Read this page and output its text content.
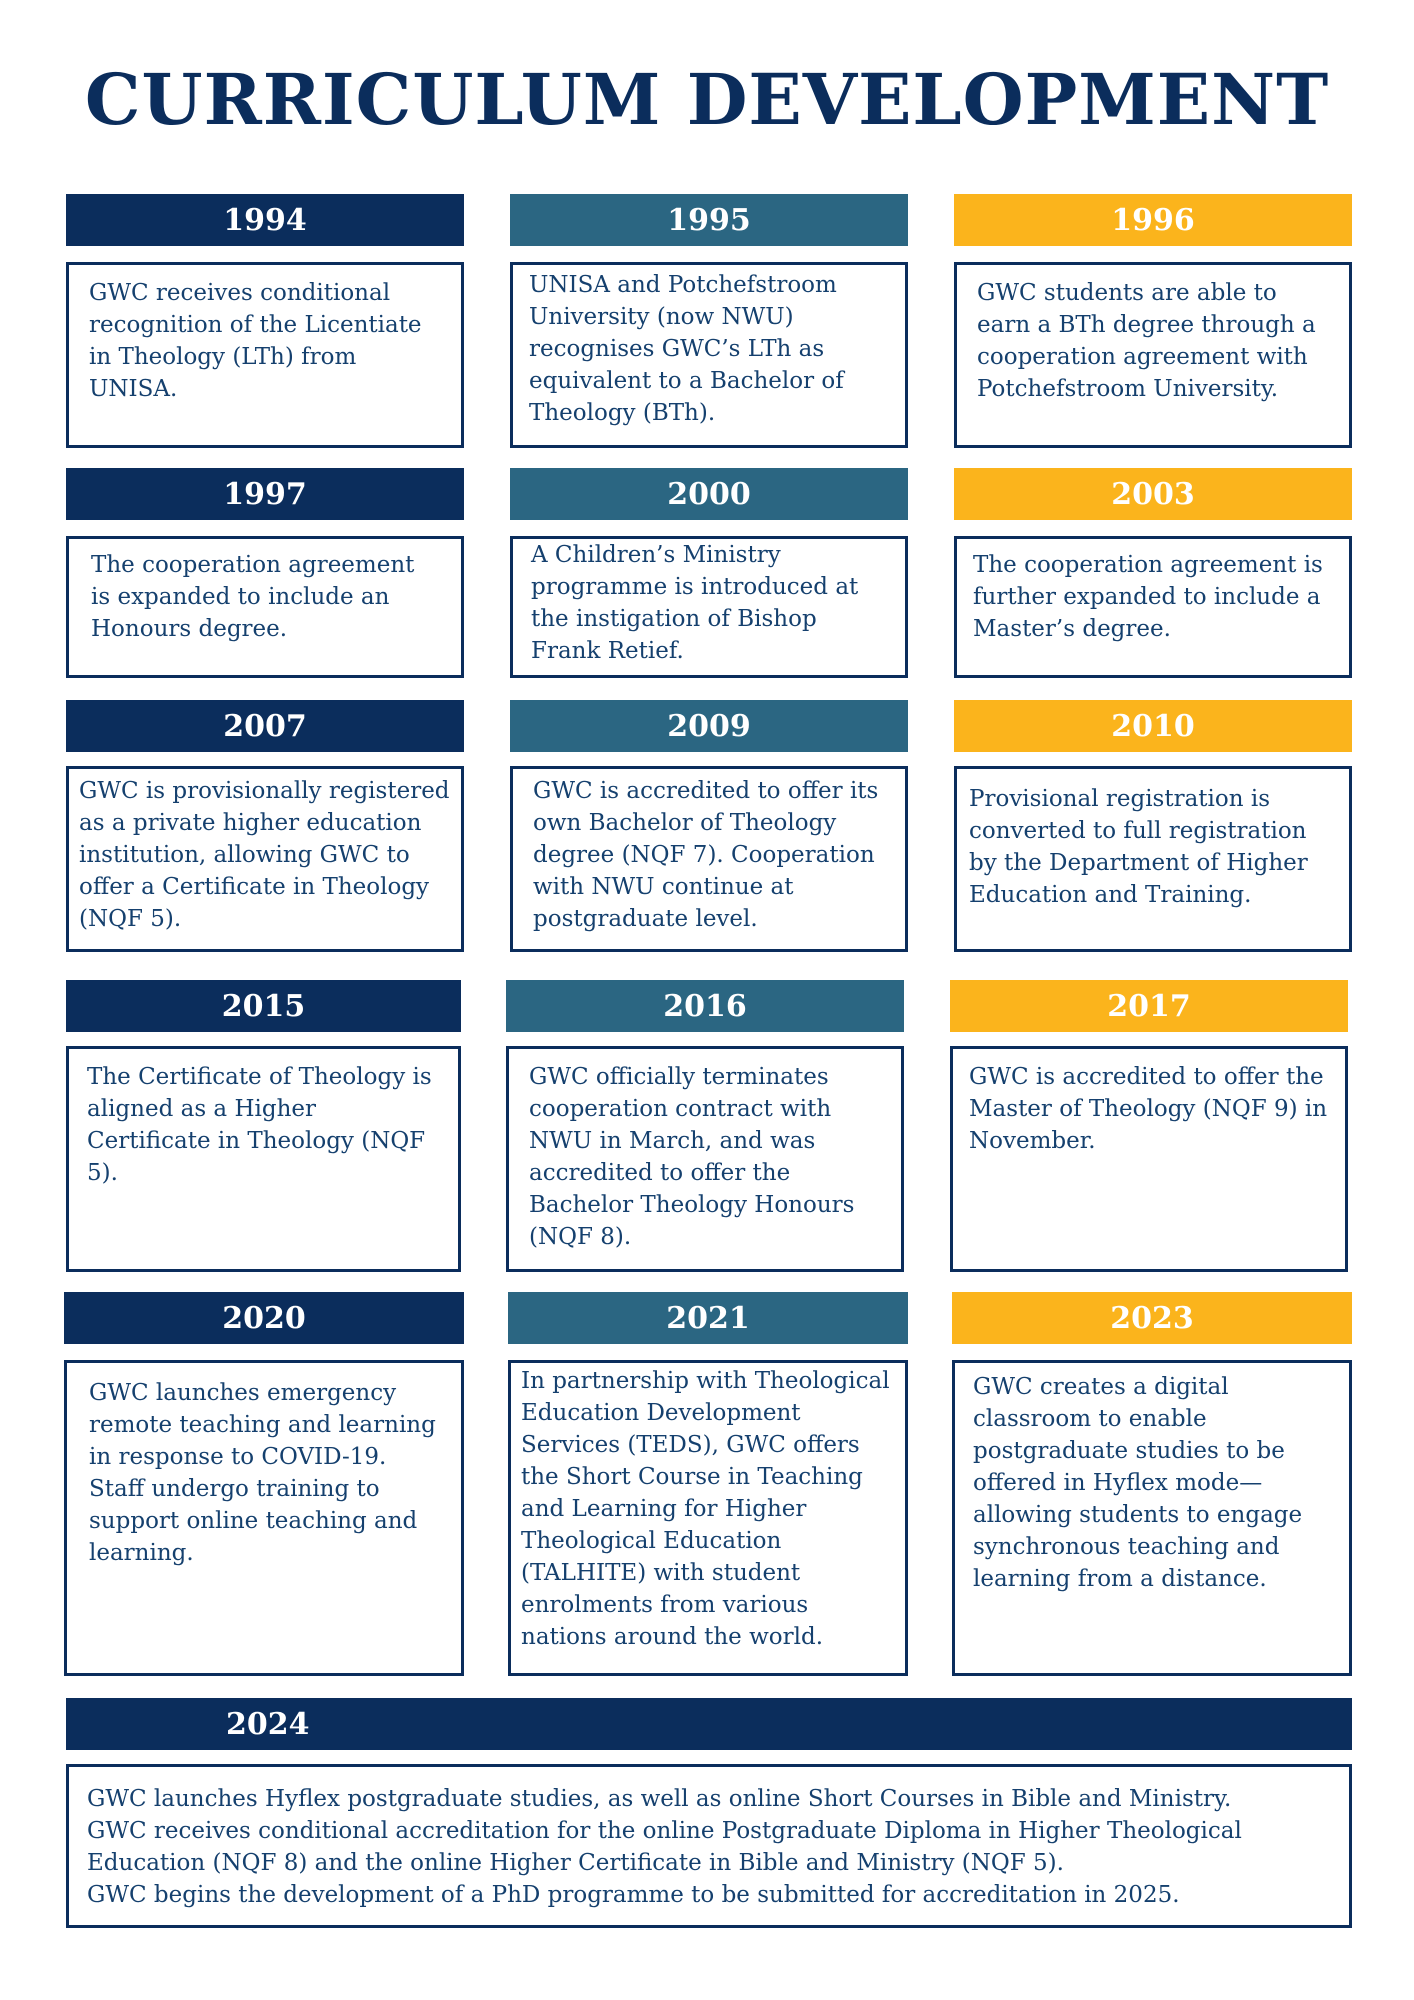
CURRICULUM DEVELOPMENT
1994
GWC receives conditional recognition of the Licentiate in Theology (LTh) from UNISA.
1995
UNISA and Potchefstroom University (now NWU) recognises GWC’s LTh as equivalent to a Bachelor of Theology (BTh).
1996
GWC students are able to earn a BTh degree through a cooperation agreement with Potchefstroom University.
1997
The cooperation agreement is expanded to include an Honours degree.
2000
A Children’s Ministry programme is introduced at the instigation of Bishop Frank Retief.
2003
The cooperation agreement is further expanded to include a Master’s degree.
2007
GWC is provisionally registered as a private higher education institution, allowing GWC to offer a Certificate in Theology (NQF 5).
2009
GWC is accredited to offer its own Bachelor of Theology degree (NQF 7). Cooperation with NWU continue at postgraduate level.
2010
Provisional registration is converted to full registration by the Department of Higher Education and Training.
2015
The Certificate of Theology is aligned as a Higher Certificate in Theology (NQF 5).
2016
GWC officially terminates cooperation contract with NWU in March, and was accredited to offer the Bachelor Theology Honours (NQF 8).
2017
GWC is accredited to offer the Master of Theology (NQF 9) in November.
2020
GWC launches emergency remote teaching and learning in response to COVID-19. Staff undergo training to support online teaching and learning.
2021
In partnership with Theological Education Development Services (TEDS), GWC offers the Short Course in Teaching and Learning for Higher Theological Education (TALHITE) with student enrolments from various nations around the world.
2023
GWC creates a digital classroom to enable postgraduate studies to be offered in Hyflex mode—allowing students to engage synchronous teaching and learning from a distance.
2024

GWC launches Hyflex postgraduate studies, as well as online Short Courses in Bible and Ministry.

GWC receives conditional accreditation for the online Postgraduate Diploma in Higher Theological Education (NQF 8) and the online Higher Certificate in Bible and Ministry (NQF 5).

GWC begins the development of a PhD programme to be submitted for accreditation in 2025.
